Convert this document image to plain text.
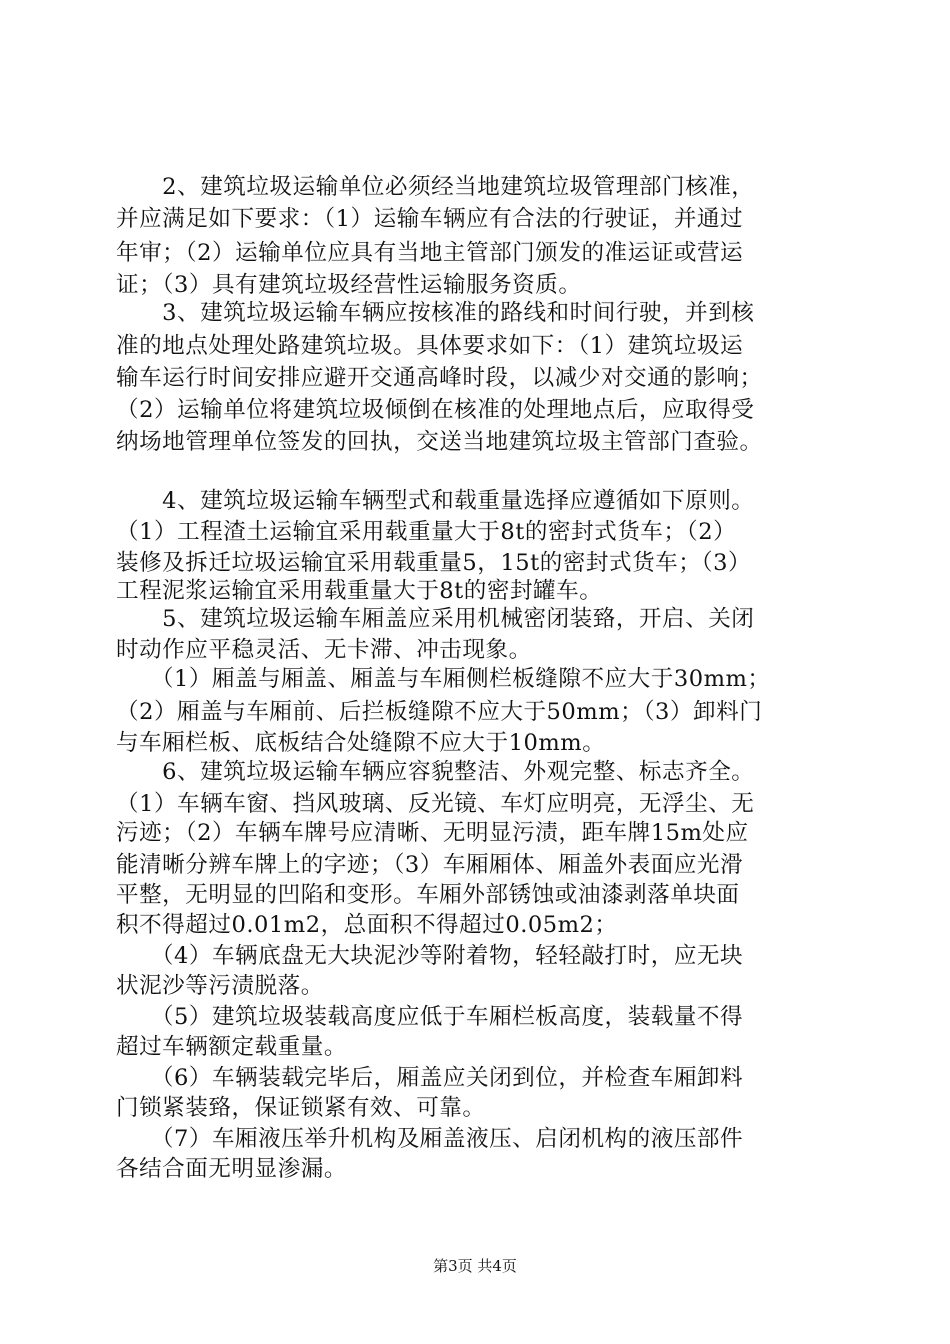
　　2、建筑垃圾运输单位必须经当地建筑垃圾管理部门核准，
并应满足如下要求：（1）运输车辆应有合法的行驶证，并通过
年审；（2）运输单位应具有当地主管部门颁发的准运证或营运
证；（3）具有建筑垃圾经营性运输服务资质。
　　3、建筑垃圾运输车辆应按核准的路线和时间行驶，并到核
准的地点处理处路建筑垃圾。具体要求如下：（1）建筑垃圾运
输车运行时间安排应避开交通高峰时段，以减少对交通的影响；
（2）运输单位将建筑垃圾倾倒在核准的处理地点后，应取得受
纳场地管理单位签发的回执，交送当地建筑垃圾主管部门查验。
　　4、建筑垃圾运输车辆型式和载重量选择应遵循如下原则。
（1）工程渣土运输宜采用载重量大于8t的密封式货车；（2）
装修及拆迁垃圾运输宜采用载重量5，15t的密封式货车；（3）
工程泥浆运输宜采用载重量大于8t的密封罐车。
　　5、建筑垃圾运输车厢盖应采用机械密闭装臵，开启、关闭
时动作应平稳灵活、无卡滞、冲击现象。
　　（1）厢盖与厢盖、厢盖与车厢侧栏板缝隙不应大于30mm；
（2）厢盖与车厢前、后拦板缝隙不应大于50mm；（3）卸料门
与车厢栏板、底板结合处缝隙不应大于10mm。
　　6、建筑垃圾运输车辆应容貌整洁、外观完整、标志齐全。
（1）车辆车窗、挡风玻璃、反光镜、车灯应明亮，无浮尘、无
污迹；（2）车辆车牌号应清晰、无明显污渍，距车牌15m处应
能清晰分辨车牌上的字迹；（3）车厢厢体、厢盖外表面应光滑
平整，无明显的凹陷和变形。车厢外部锈蚀或油漆剥落单块面
积不得超过0.01m2，总面积不得超过0.05m2；
　　（4）车辆底盘无大块泥沙等附着物，轻轻敲打时，应无块
状泥沙等污渍脱落。
　　（5）建筑垃圾装载高度应低于车厢栏板高度，装载量不得
超过车辆额定载重量。
　　（6）车辆装载完毕后，厢盖应关闭到位，并检查车厢卸料
门锁紧装臵，保证锁紧有效、可靠。
　　（7）车厢液压举升机构及厢盖液压、启闭机构的液压部件
各结合面无明显渗漏。
第3页 共4页
